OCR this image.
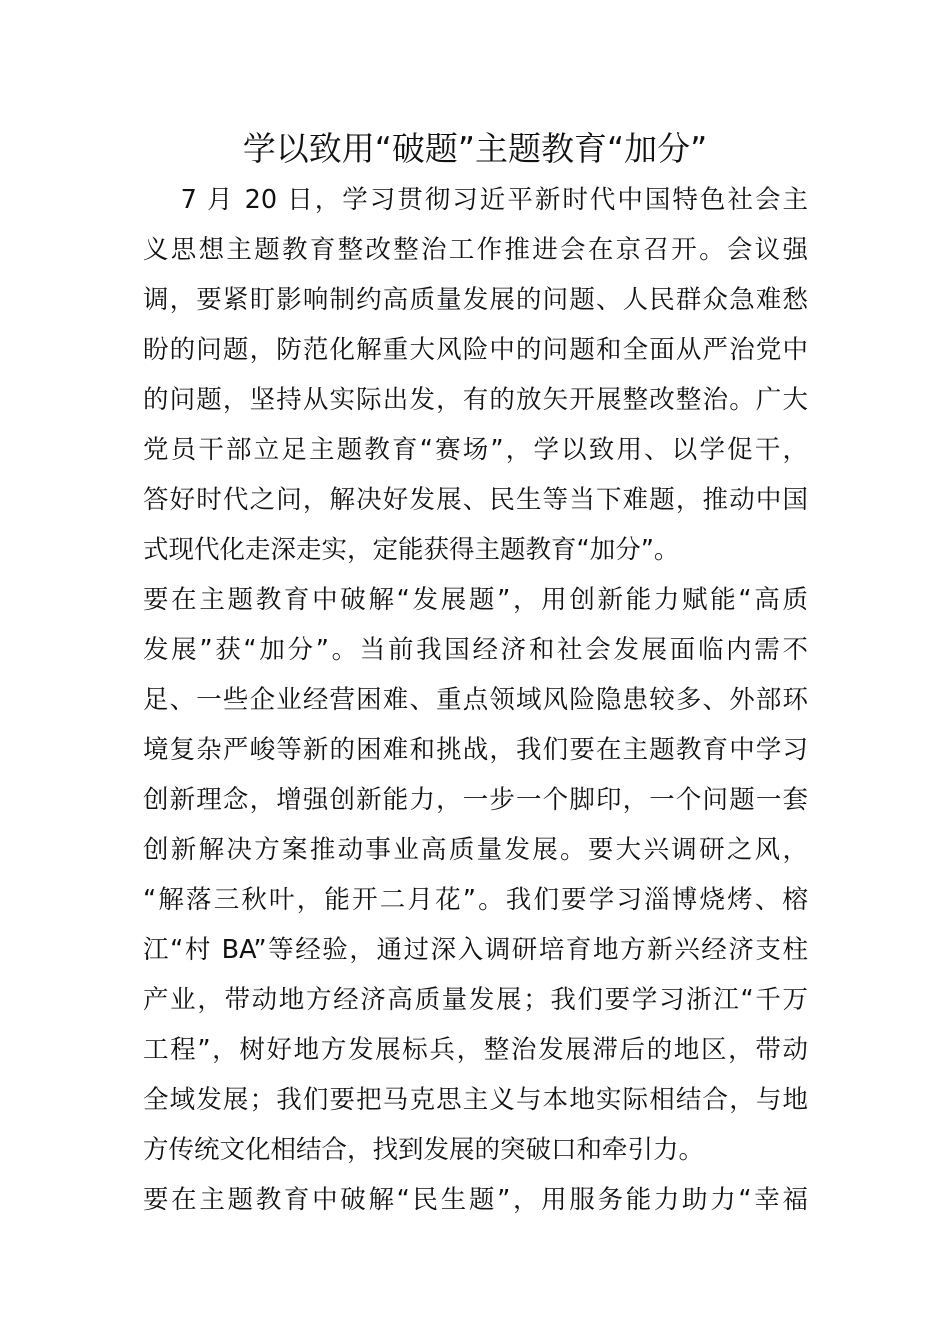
学以致用“破题”主题教育“加分”
　 7 月 20 日，学习贯彻习近平新时代中国特色社会主
义思想主题教育整改整治工作推进会在京召开。会议强
调，要紧盯影响制约高质量发展的问题、人民群众急难愁
盼的问题，防范化解重大风险中的问题和全面从严治党中
的问题，坚持从实际出发，有的放矢开展整改整治。广大
党员干部立足主题教育“赛场”，学以致用、以学促干，
答好时代之问，解决好发展、民生等当下难题，推动中国
式现代化走深走实，定能获得主题教育“加分”。
要在主题教育中破解“发展题”，用创新能力赋能“高质
发展”获“加分”。当前我国经济和社会发展面临内需不
足、一些企业经营困难、重点领域风险隐患较多、外部环
境复杂严峻等新的困难和挑战，我们要在主题教育中学习
创新理念，增强创新能力，一步一个脚印，一个问题一套
创新解决方案推动事业高质量发展。要大兴调研之风，
“解落三秋叶，能开二月花”。我们要学习淄博烧烤、榕
江“村 BA”等经验，通过深入调研培育地方新兴经济支柱
产业，带动地方经济高质量发展；我们要学习浙江“千万
工程”，树好地方发展标兵，整治发展滞后的地区，带动
全域发展；我们要把马克思主义与本地实际相结合，与地
方传统文化相结合，找到发展的突破口和牵引力。
要在主题教育中破解“民生题”，用服务能力助力“幸福
